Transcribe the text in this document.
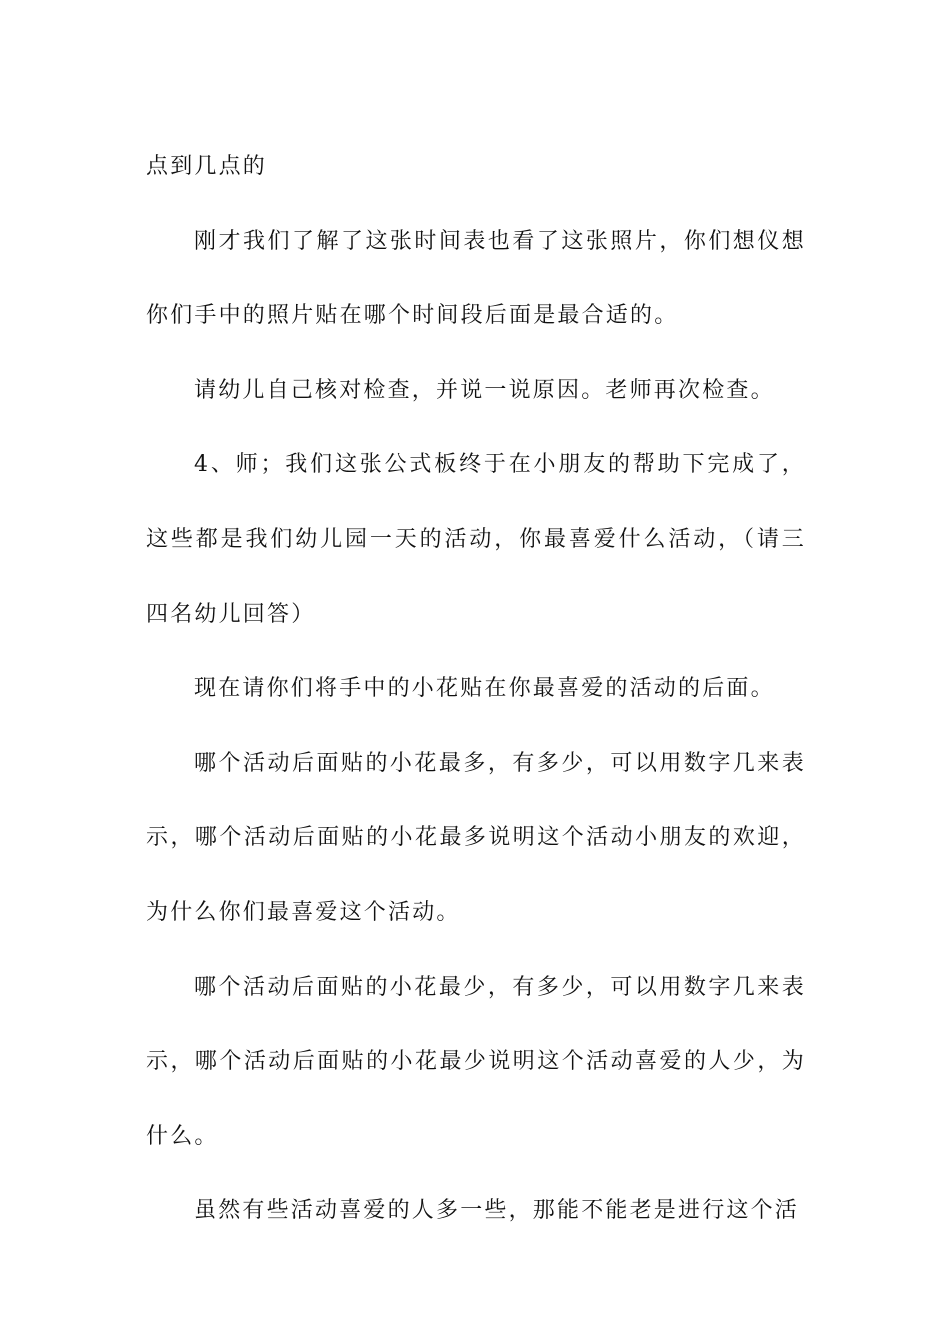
点到几点的

刚才我们了解了这张时间表也看了这张照片，你们想仪想你们手中的照片贴在哪个时间段后面是最合适的。

请幼儿自己核对检查，并说一说原因。老师再次检查。

4、师；我们这张公式板终于在小朋友的帮助下完成了，这些都是我们幼儿园一天的活动，你最喜爱什么活动，（请三四名幼儿回答）

现在请你们将手中的小花贴在你最喜爱的活动的后面。

哪个活动后面贴的小花最多，有多少，可以用数字几来表示，哪个活动后面贴的小花最多说明这个活动小朋友的欢迎，为什么你们最喜爱这个活动。

哪个活动后面贴的小花最少，有多少，可以用数字几来表示，哪个活动后面贴的小花最少说明这个活动喜爱的人少，为什么。

虽然有些活动喜爱的人多一些，那能不能老是进行这个活
